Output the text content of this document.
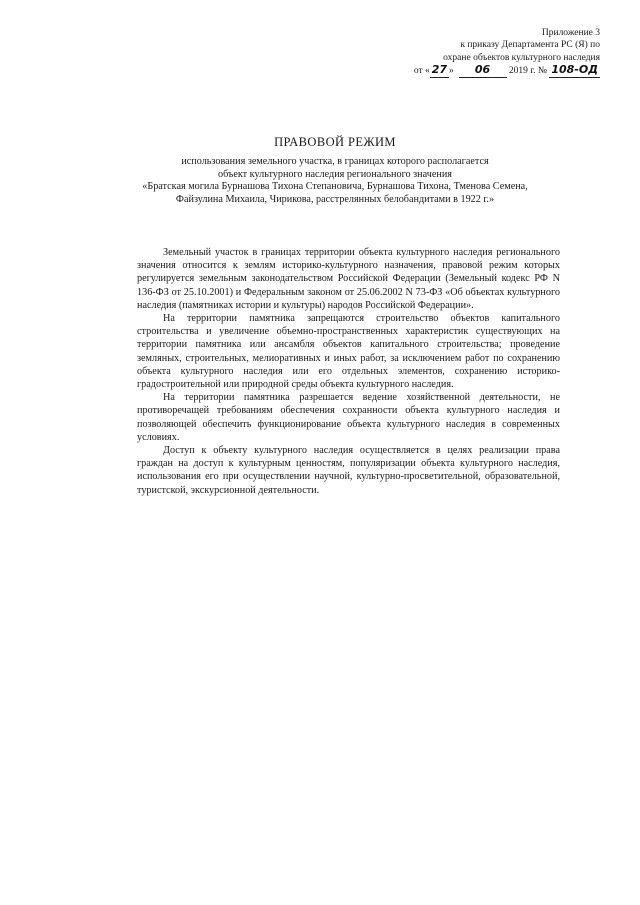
Приложение 3
к приказу Департамента РС (Я) по
охране объектов культурного наследия
от « 27 » 06 2019 г. № 108-ОД
ПРАВОВОЙ РЕЖИМ
использования земельного участка, в границах которого располагается
объект культурного наследия регионального значения
«Братская могила Бурнашова Тихона Степановича, Бурнашова Тихона, Тменова Семена,
Файзулина Михаила, Чирикова, расстрелянных белобандитами в 1922 г.»

Земельный участок в границах территории объекта культурного наследия регионального значения относится к землям историко-культурного назначения, правовой режим которых регулируется земельным законодательством Российской Федерации (Земельный кодекс РФ N 136-ФЗ от 25.10.2001) и Федеральным законом от 25.06.2002 N 73-ФЗ «Об объектах культурного наследия (памятниках истории и культуры) народов Российской Федерации».

На территории памятника запрещаются строительство объектов капитального строительства и увеличение объемно-пространственных характеристик существующих на территории памятника или ансамбля объектов капитального строительства; проведение земляных, строительных, мелиоративных и иных работ, за исключением работ по сохранению объекта культурного наследия или его отдельных элементов, сохранению историко-градостроительной или природной среды объекта культурного наследия.

На территории памятника разрешается ведение хозяйственной деятельности, не противоречащей требованиям обеспечения сохранности объекта культурного наследия и позволяющей обеспечить функционирование объекта культурного наследия в современных условиях.

Доступ к объекту культурного наследия осуществляется в целях реализации права граждан на доступ к культурным ценностям, популяризации объекта культурного наследия, использования его при осуществлении научной, культурно-просветительной, образовательной, туристской, экскурсионной деятельности.
